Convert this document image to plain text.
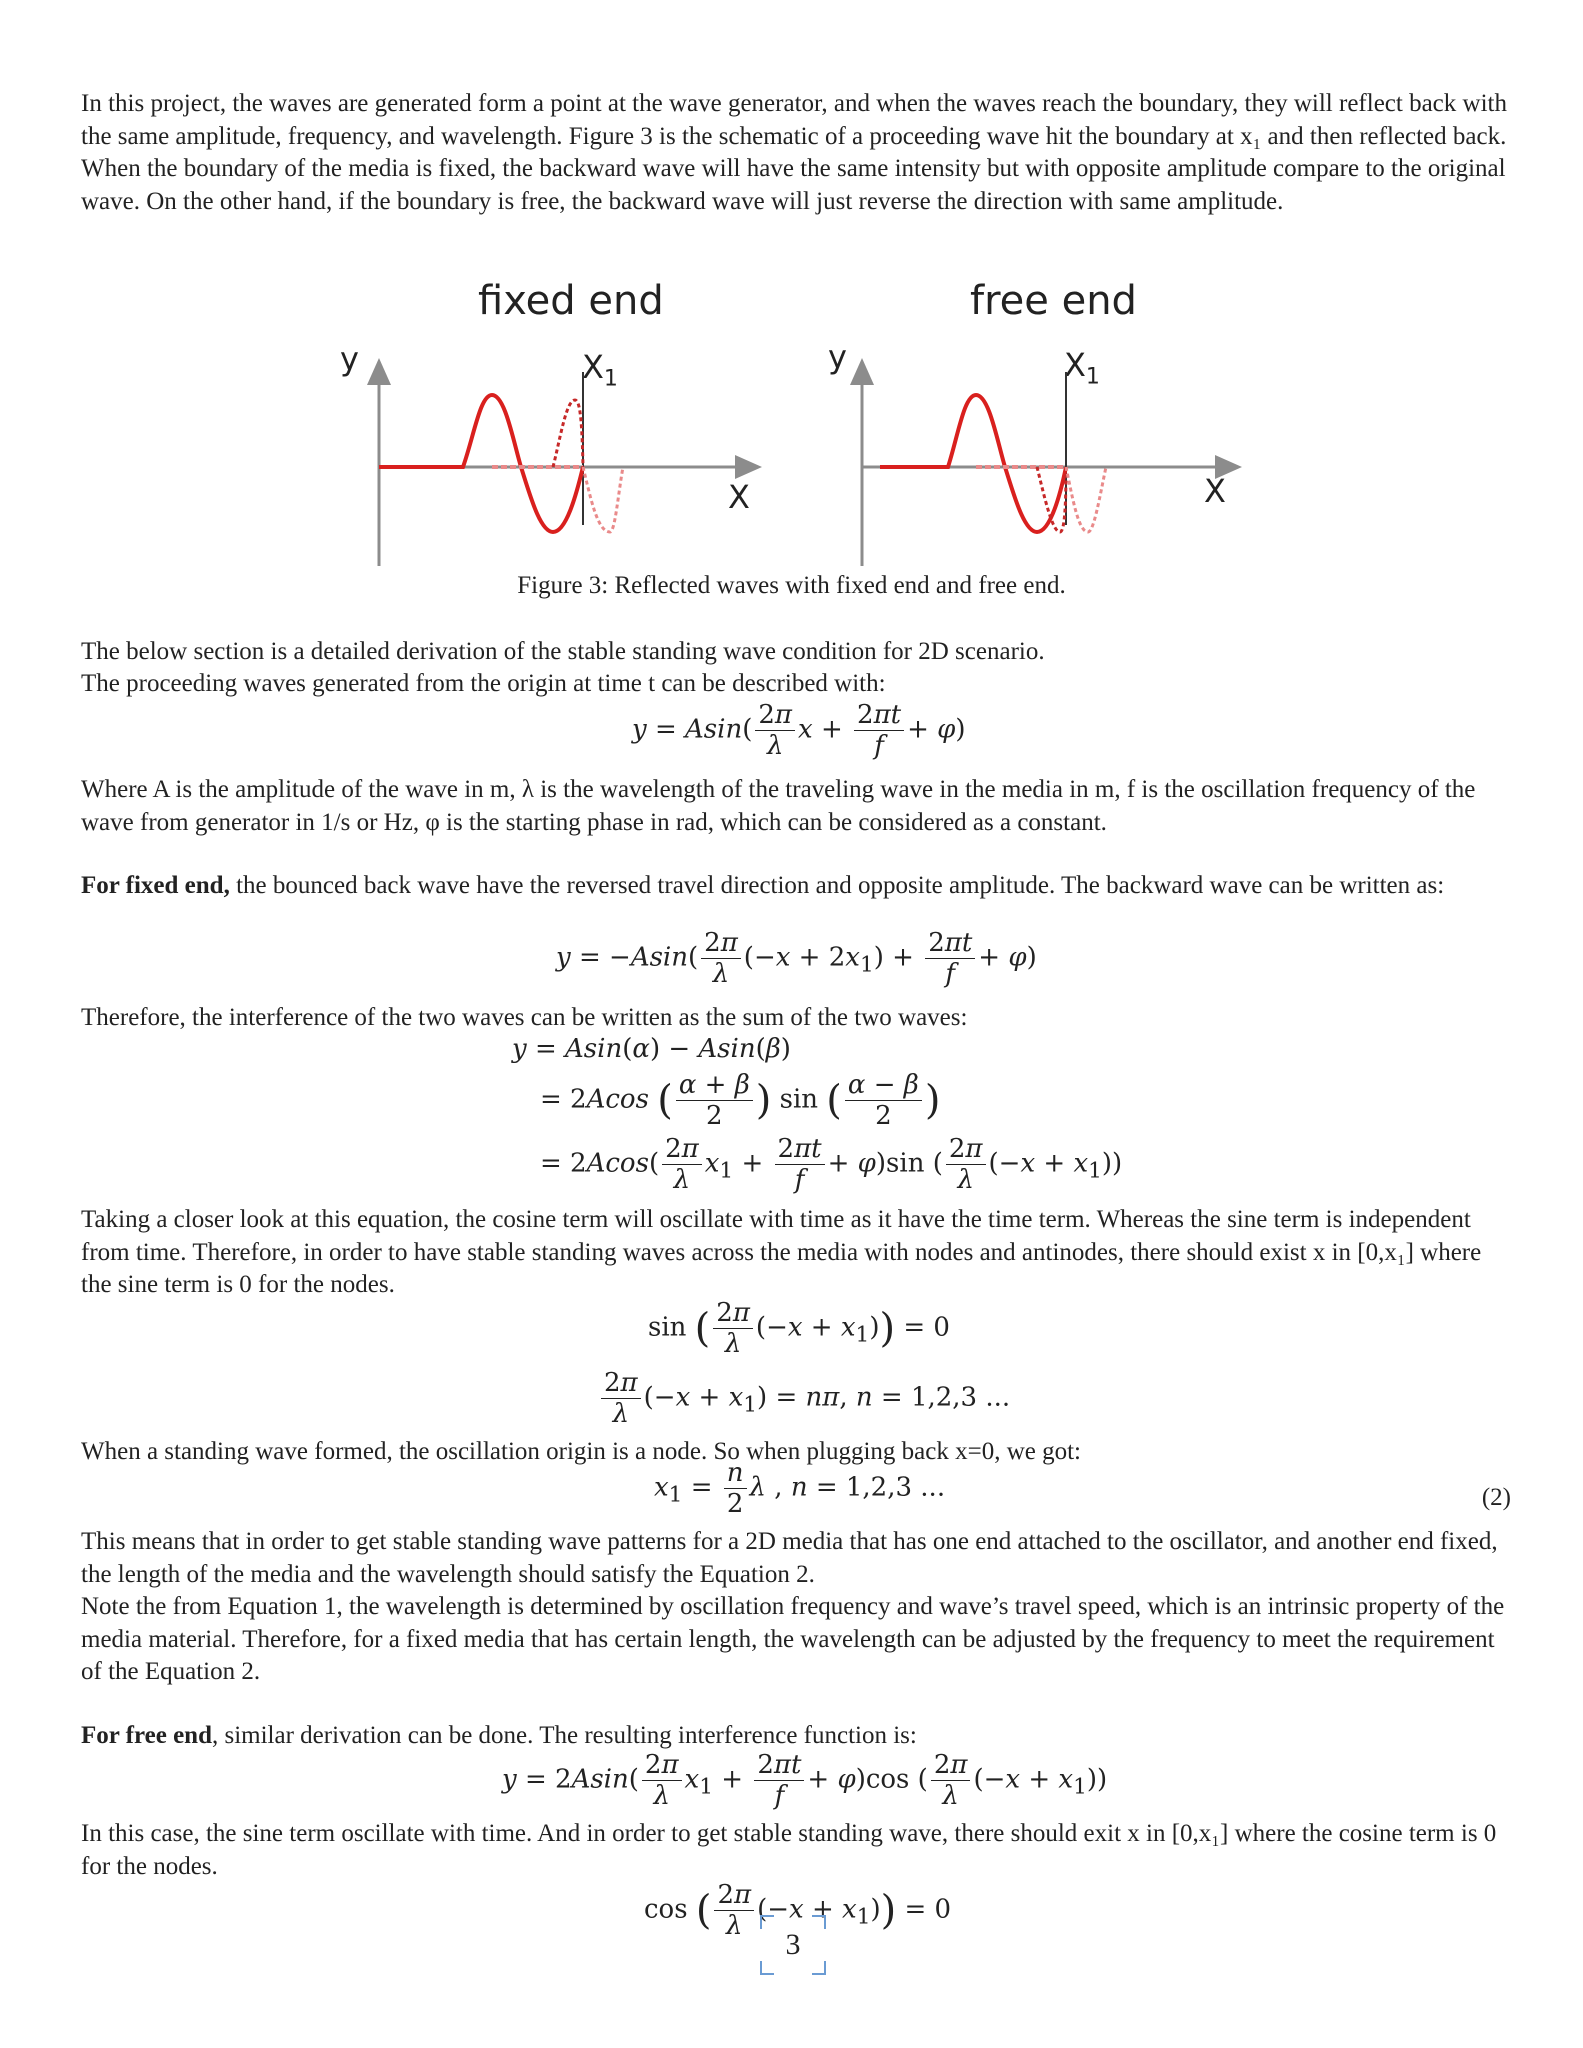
In this project, the waves are generated form a point at the wave generator, and when the waves reach the boundary, they will reflect back with the same amplitude, frequency, and wavelength. Figure 3 is the schematic of a proceeding wave hit the boundary at x₁ and then reflected back. When the boundary of the media is fixed, the backward wave will have the same intensity but with opposite amplitude compare to the original wave. On the other hand, if the boundary is free, the backward wave will just reverse the direction with same amplitude.

fixed end	free end
y	y
$X_1$	$X_1$
X	X
Figure 3: Reflected waves with fixed end and free end.

The below section is a detailed derivation of the stable standing wave condition for 2D scenario.

The proceeding waves generated from the origin at time t can be described with:

$y = Asin( \frac{2\pi}{\lambda}$ $x + \frac{2\pi t}{f} + \varphi$)

Where A is the amplitude of the wave in m, λ is the wavelength of the traveling wave in the media in m, f is the oscillation frequency of the wave from generator in 1/s or Hz, φ is the starting phase in rad, which can be considered as a constant.

For fixed end, the bounced back wave have the reversed travel direction and opposite amplitude. The backward wave can be written as:

$y = -Asin( \frac{2\pi}{\lambda} (-x + 2x_1) + \frac{2\pi t}{f} + \varphi)$

Therefore, the interference of the two waves can be written as the sum of the two waves:

y = Asin(α) − Asin(β)
= 2Acos ( $\frac{\alpha + \beta}{2}$ ) sin ( $\frac{\alpha - \beta}{2}$ )
= $2Acos( \frac{2\pi}{\lambda} x_1 + \frac{2\pi t}{f} + \varphi)\sin$ ( $\frac{2\pi}{\lambda} (-x + x_1)$)

Taking a closer look at this equation, the cosine term will oscillate with time as it have the time term. Whereas the sine term is independent from time. Therefore, in order to have stable standing waves across the media with nodes and antinodes, there should exist x in [0,x₁] where the sine term is 0 for the nodes.

sin ( $\frac{2\pi}{\lambda} (-x + x_1)) = 0$
$\frac{2\pi}{\lambda} (-x + x_1) = n\pi$, n = 1,2,3 ...

When a standing wave formed, the oscillation origin is a node. So when plugging back x=0, we got:

$x_1 = \frac{n}{2}$ λ , n = 1,2,3 ...	(2)

This means that in order to get stable standing wave patterns for a 2D media that has one end attached to the oscillator, and another end fixed, the length of the media and the wavelength should satisfy the Equation 2.

Note the from Equation 1, the wavelength is determined by oscillation frequency and wave’s travel speed, which is an intrinsic property of the media material. Therefore, for a fixed media that has certain length, the wavelength can be adjusted by the frequency to meet the requirement of the Equation 2.

For free end, similar derivation can be done. The resulting interference function is:

$y = 2Asin( \frac{2\pi}{\lambda} x_1 + \frac{2\pi t}{f} + \varphi)\cos$ ( $\frac{2\pi}{\lambda} (-x + x_1)$)

In this case, the sine term oscillate with time. And in order to get stable standing wave, there should exit x in [0,x₁] where the cosine term is 0 for the nodes.

cos ( $\frac{2\pi}{\lambda} (-x + x_1)) = 0$
3
